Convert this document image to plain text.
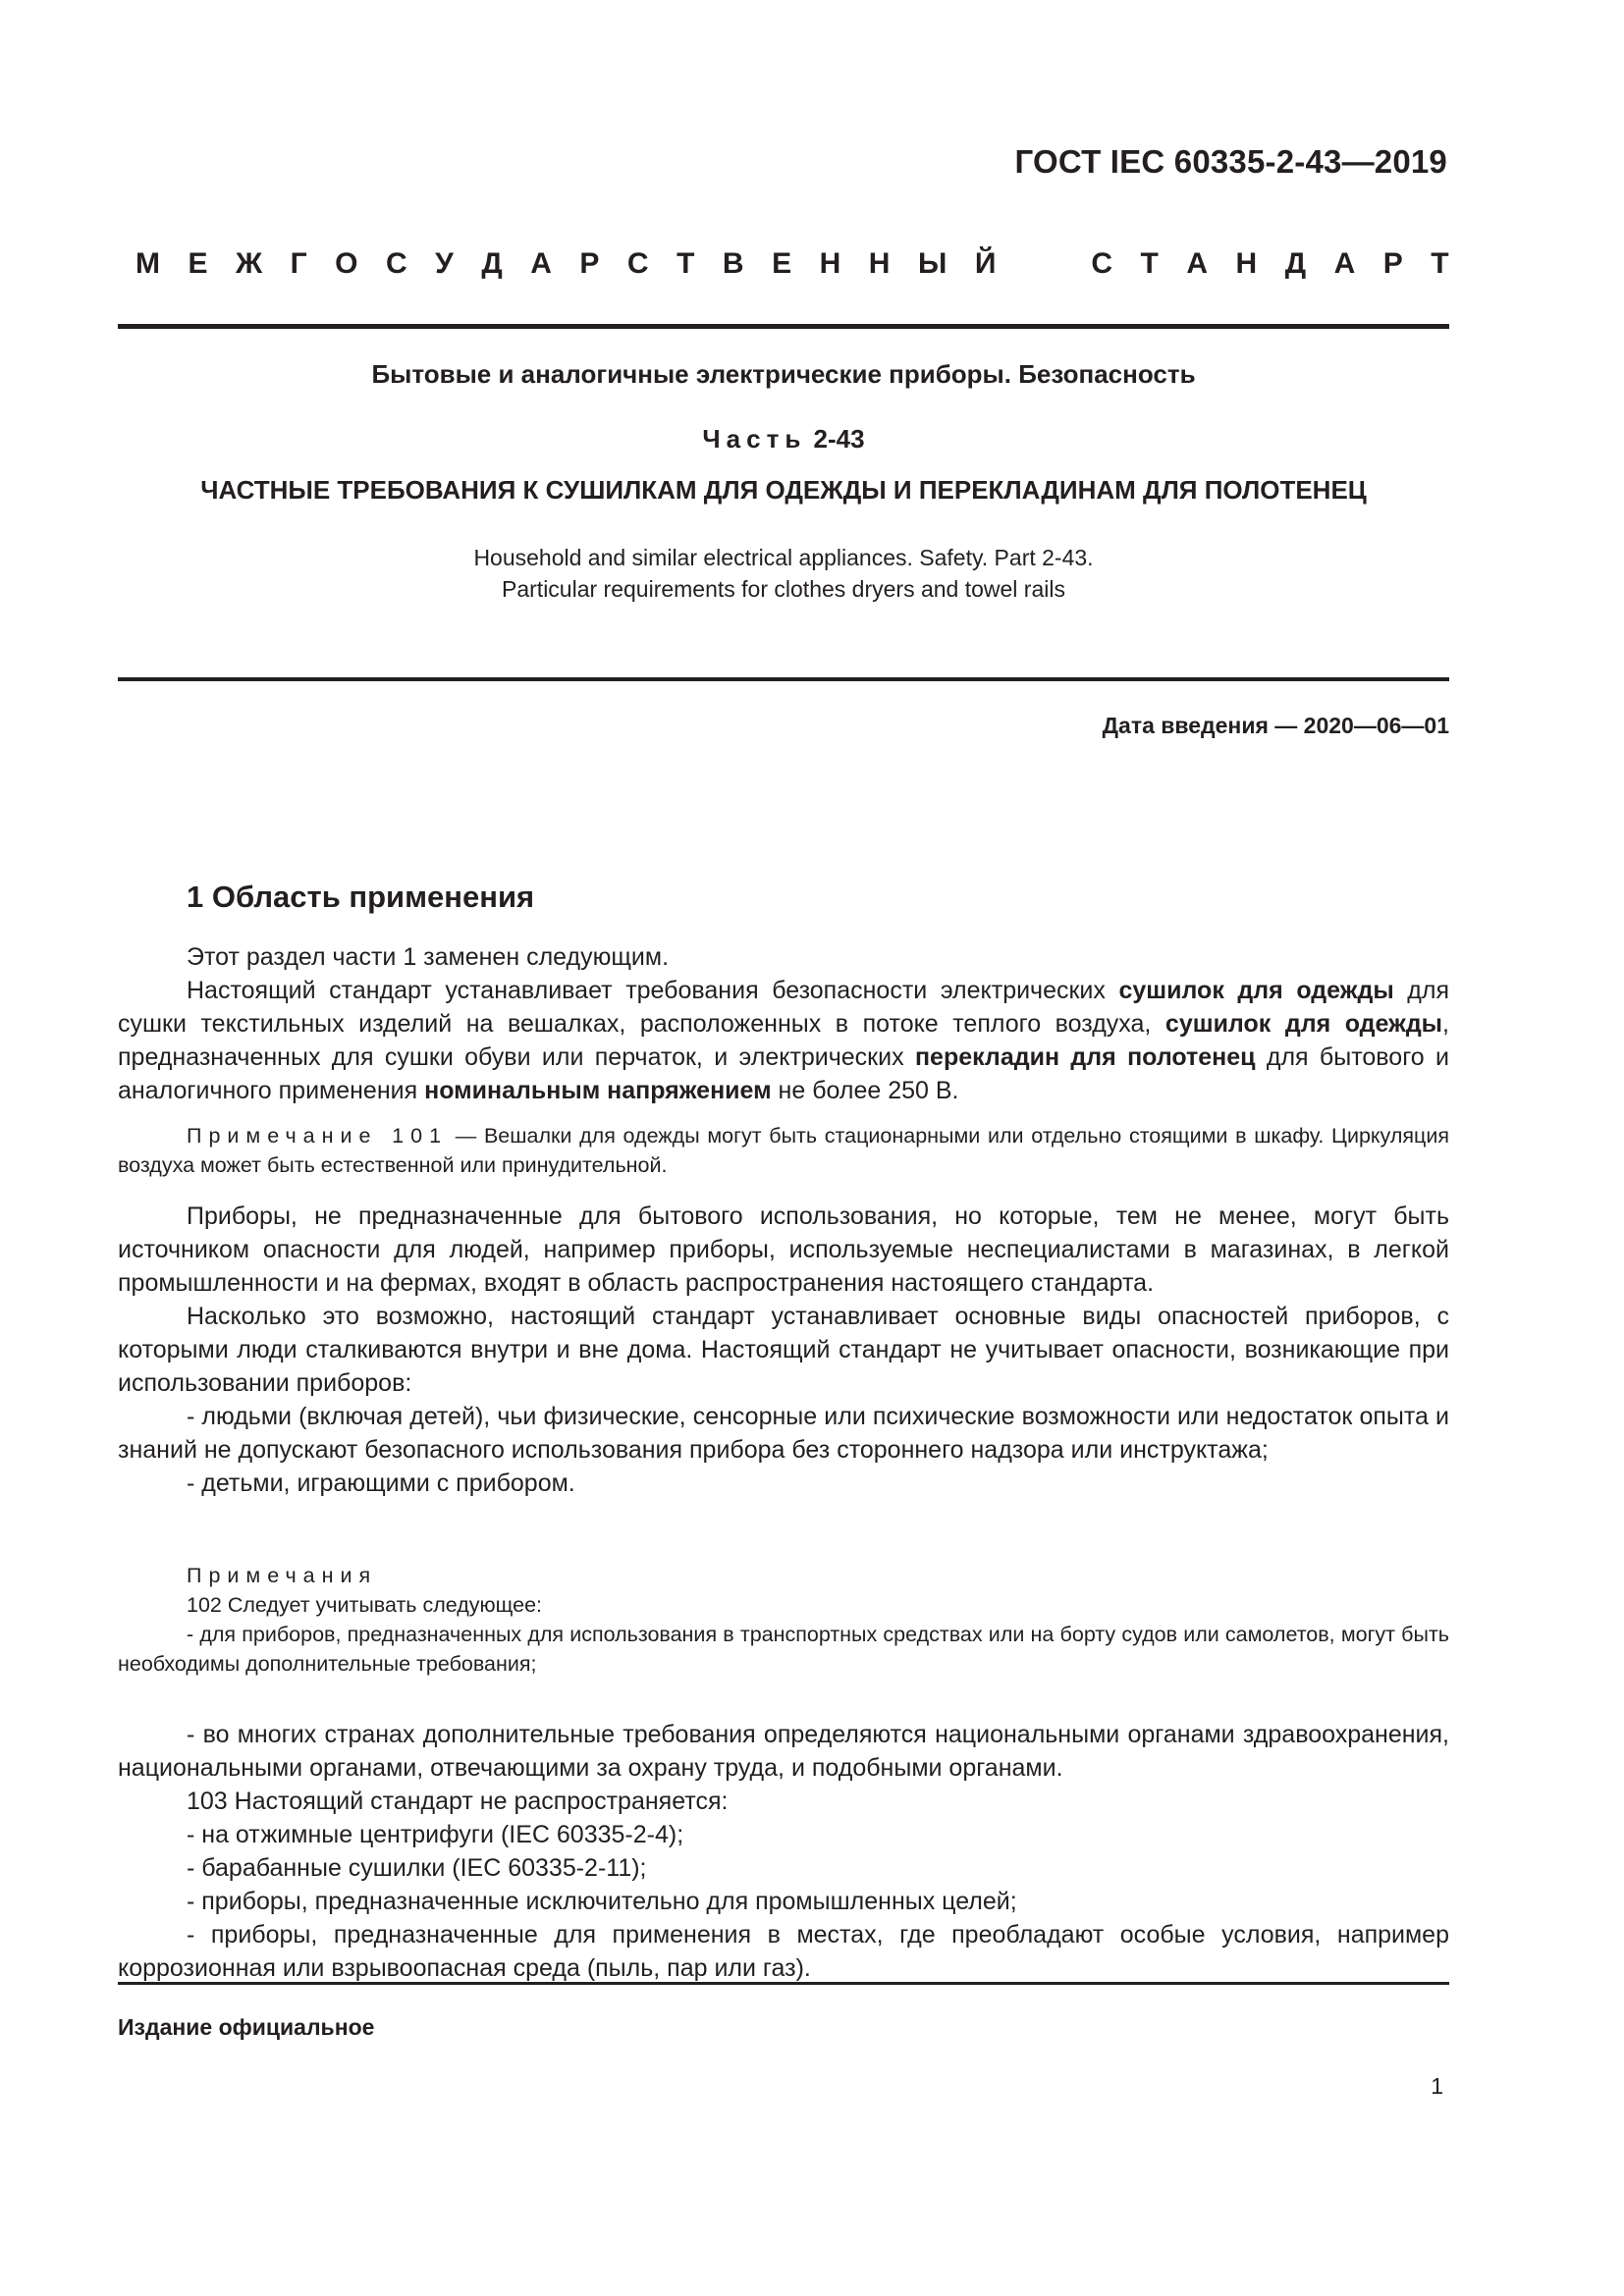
ГОСТ IEC 60335-2-43—2019
М Е Ж Г О С У Д А Р С Т В Е Н Н Ы Й	С Т А Н Д А Р Т
Бытовые и аналогичные электрические приборы. Безопасность
Часть 2-43
ЧАСТНЫЕ ТРЕБОВАНИЯ К СУШИЛКАМ ДЛЯ ОДЕЖДЫ И ПЕРЕКЛАДИНАМ ДЛЯ ПОЛОТЕНЕЦ
Household and similar electrical appliances. Safety. Part 2-43.
Particular requirements for clothes dryers and towel rails
Дата введения — 2020—06—01
1 Область применения

Этот раздел части 1 заменен следующим.

Настоящий стандарт устанавливает требования безопасности электрических сушилок для одежды для сушки текстильных изделий на вешалках, расположенных в потоке теплого воздуха, сушилок для одежды, предназначенных для сушки обуви или перчаток, и электрических перекладин для полотенец для бытового и аналогичного применения номинальным напряжением не более 250 В.

Примечание 101 — Вешалки для одежды могут быть стационарными или отдельно стоящими в шкафу. Циркуляция воздуха может быть естественной или принудительной.

Приборы, не предназначенные для бытового использования, но которые, тем не менее, могут быть источником опасности для людей, например приборы, используемые неспециалистами в магазинах, в легкой промышленности и на фермах, входят в область распространения настоящего стандарта.

Насколько это возможно, настоящий стандарт устанавливает основные виды опасностей приборов, с которыми люди сталкиваются внутри и вне дома. Настоящий стандарт не учитывает опасности, возникающие при использовании приборов:

- людьми (включая детей), чьи физические, сенсорные или психические возможности или недостаток опыта и знаний не допускают безопасного использования прибора без стороннего надзора или инструктажа;

- детьми, играющими с прибором.

Примечания

102 Следует учитывать следующее:

- для приборов, предназначенных для использования в транспортных средствах или на борту судов или самолетов, могут быть необходимы дополнительные требования;

- во многих странах дополнительные требования определяются национальными органами здравоохранения, национальными органами, отвечающими за охрану труда, и подобными органами.

103 Настоящий стандарт не распространяется:

- на отжимные центрифуги (IEC 60335-2-4);

- барабанные сушилки (IEC 60335-2-11);

- приборы, предназначенные исключительно для промышленных целей;

- приборы, предназначенные для применения в местах, где преобладают особые условия, например коррозионная или взрывоопасная среда (пыль, пар или газ).

Издание официальное
1
